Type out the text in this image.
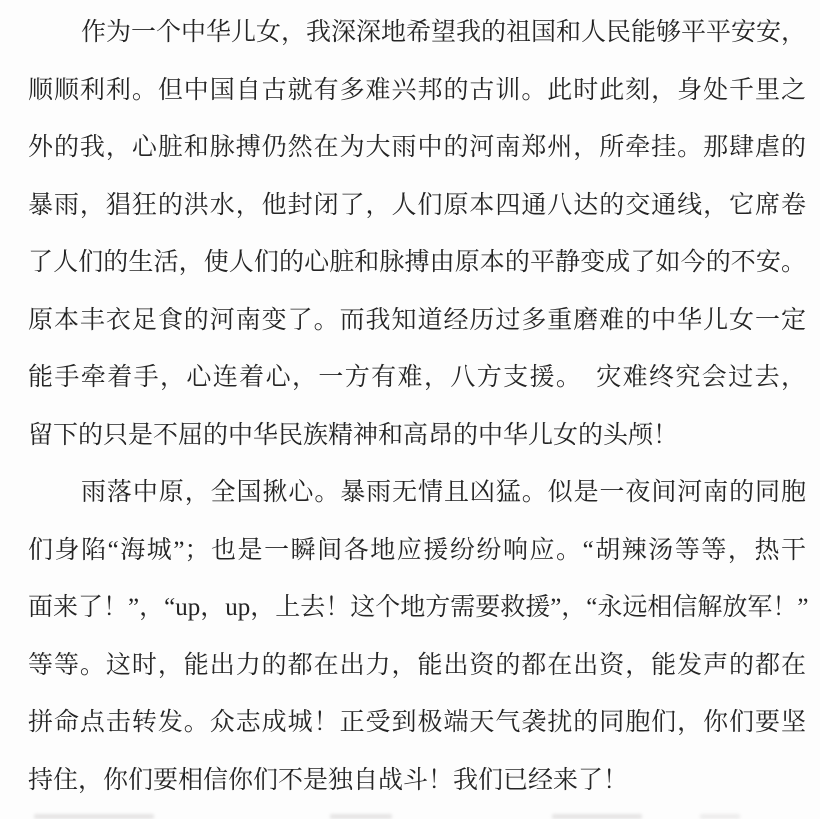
作为一个中华儿女，我深深地希望我的祖国和人民能够平平安安，
顺顺利利。但中国自古就有多难兴邦的古训。此时此刻，身处千里之
外的我，心脏和脉搏仍然在为大雨中的河南郑州，所牵挂。那肆虐的
暴雨，猖狂的洪水，他封闭了，人们原本四通八达的交通线，它席卷
了人们的生活，使人们的心脏和脉搏由原本的平静变成了如今的不安。
原本丰衣足食的河南变了。而我知道经历过多重磨难的中华儿女一定
能手牵着手，心连着心，一方有难，八方支援。　灾难终究会过去，
留下的只是不屈的中华民族精神和高昂的中华儿女的头颅！
雨落中原，全国揪心。暴雨无情且凶猛。似是一夜间河南的同胞
们身陷“海城”；也是一瞬间各地应援纷纷响应。“胡辣汤等等，热干
面来了！”，“up，up，上去！这个地方需要救援”，“永远相信解放军！”
等等。这时，能出力的都在出力，能出资的都在出资，能发声的都在
拼命点击转发。众志成城！正受到极端天气袭扰的同胞们，你们要坚
持住，你们要相信你们不是独自战斗！我们已经来了！
